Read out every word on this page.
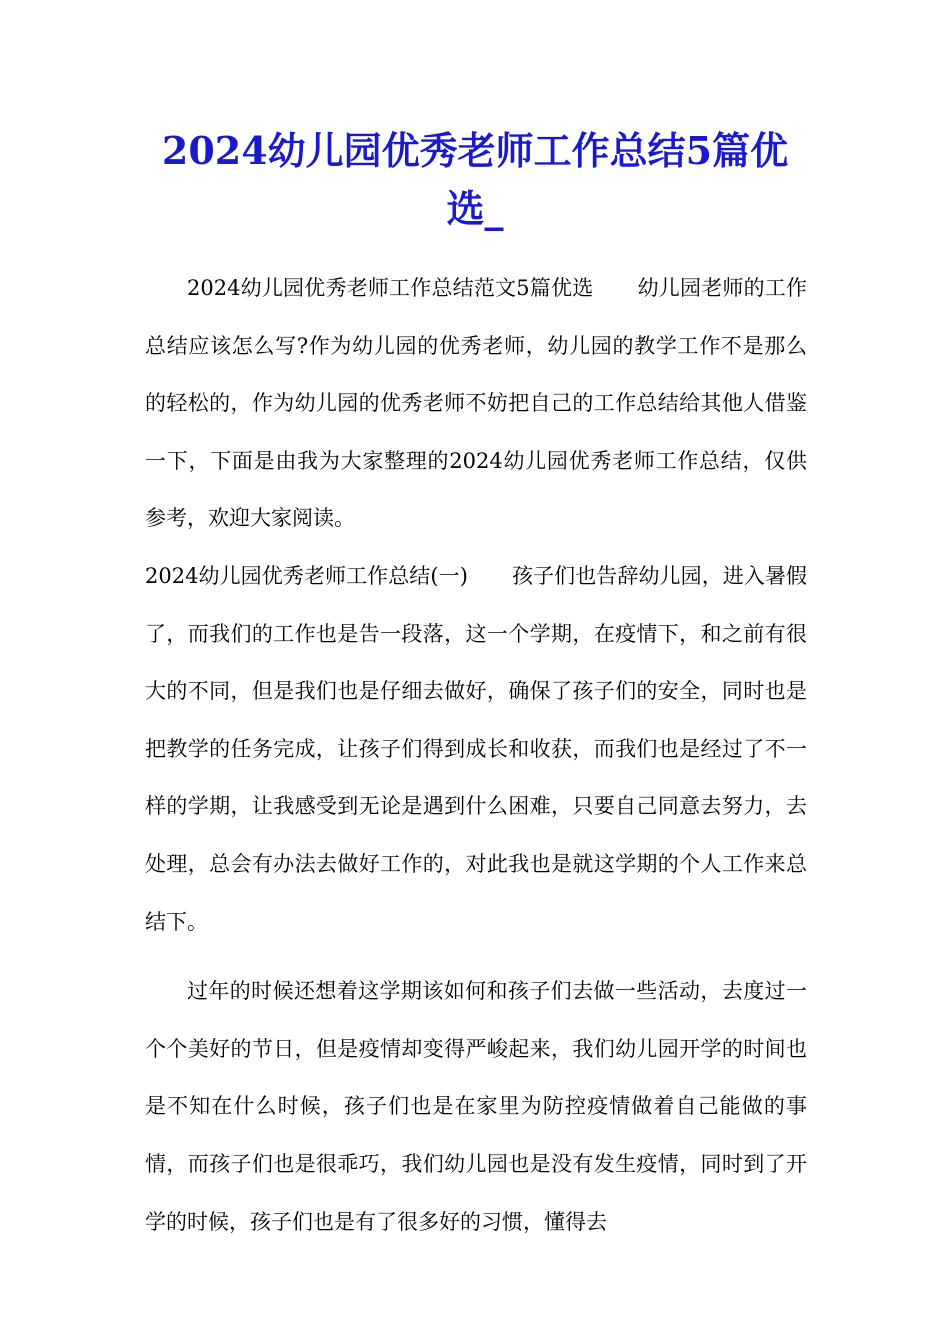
2024幼儿园优秀老师工作总结5篇优选_

2024幼儿园优秀老师工作总结范文5篇优选 幼儿园老师的工作总结应该怎么写?作为幼儿园的优秀老师，幼儿园的教学工作不是那么的轻松的，作为幼儿园的优秀老师不妨把自己的工作总结给其他人借鉴一下，下面是由我为大家整理的2024幼儿园优秀老师工作总结，仅供参考，欢迎大家阅读。

2024幼儿园优秀老师工作总结(一) 孩子们也告辞幼儿园，进入暑假了，而我们的工作也是告一段落，这一个学期，在疫情下，和之前有很大的不同，但是我们也是仔细去做好，确保了孩子们的安全，同时也是把教学的任务完成，让孩子们得到成长和收获，而我们也是经过了不一样的学期，让我感受到无论是遇到什么困难，只要自己同意去努力，去处理，总会有办法去做好工作的，对此我也是就这学期的个人工作来总结下。

过年的时候还想着这学期该如何和孩子们去做一些活动，去度过一个个美好的节日，但是疫情却变得严峻起来，我们幼儿园开学的时间也是不知在什么时候，孩子们也是在家里为防控疫情做着自己能做的事情，而孩子们也是很乖巧，我们幼儿园也是没有发生疫情，同时到了开学的时候，孩子们也是有了很多好的习惯，懂得去
